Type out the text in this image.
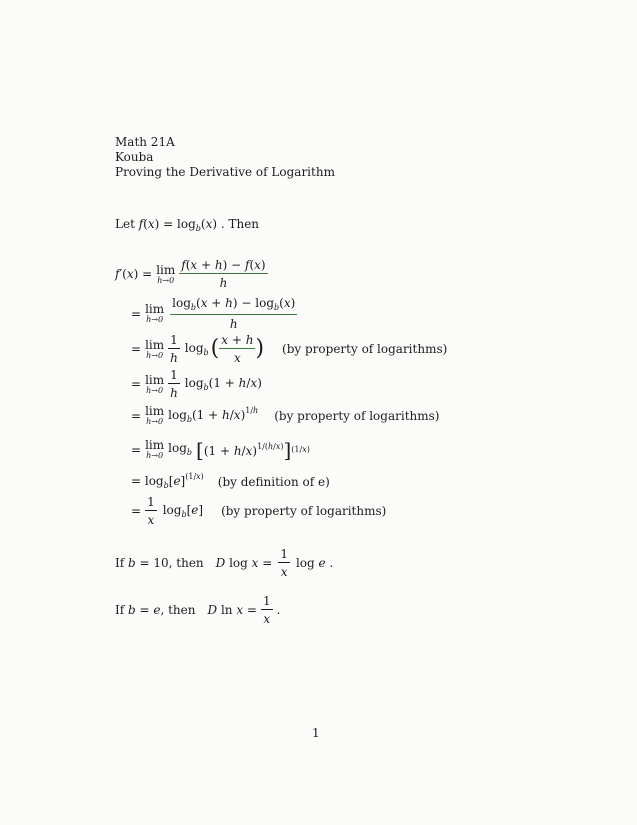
Math 21A
Kouba
Proving the Derivative of Logarithm
Let $f(x) = \log_b(x)$ . Then
f′(x) = lim
$h\to 0 \frac{f(x + h) - f(x)}{h}$
= lim
$h\to 0 \frac{\log_b(x + h) - \log_b(x)}{h}$
= lim
$h\to 0 \frac{1}{h} \log_b$ ( $\frac{x + h}{x}$ ) (by property of logarithms)
= lim
$h\to 0 \frac{1}{h} \log_b(1 + h/x)$
= lim
h→0 $\log_b(1 + h/x)^{1/h}$ (by property of logarithms)
= lim
h→0
$\log_b$ [ $(1 + h/x)^{1/(h/x)}$ ] (1/x)
= $\log_b[e]^{(1/x)}$ (by definition of e)
= $\frac{1}{x} \log_b[e]$ (by property of logarithms)
If b = 10, then D $\log x = \frac{1}{x}$ log e .
If b = e, then D $\ln x = \frac{1}{x}$ .
1
